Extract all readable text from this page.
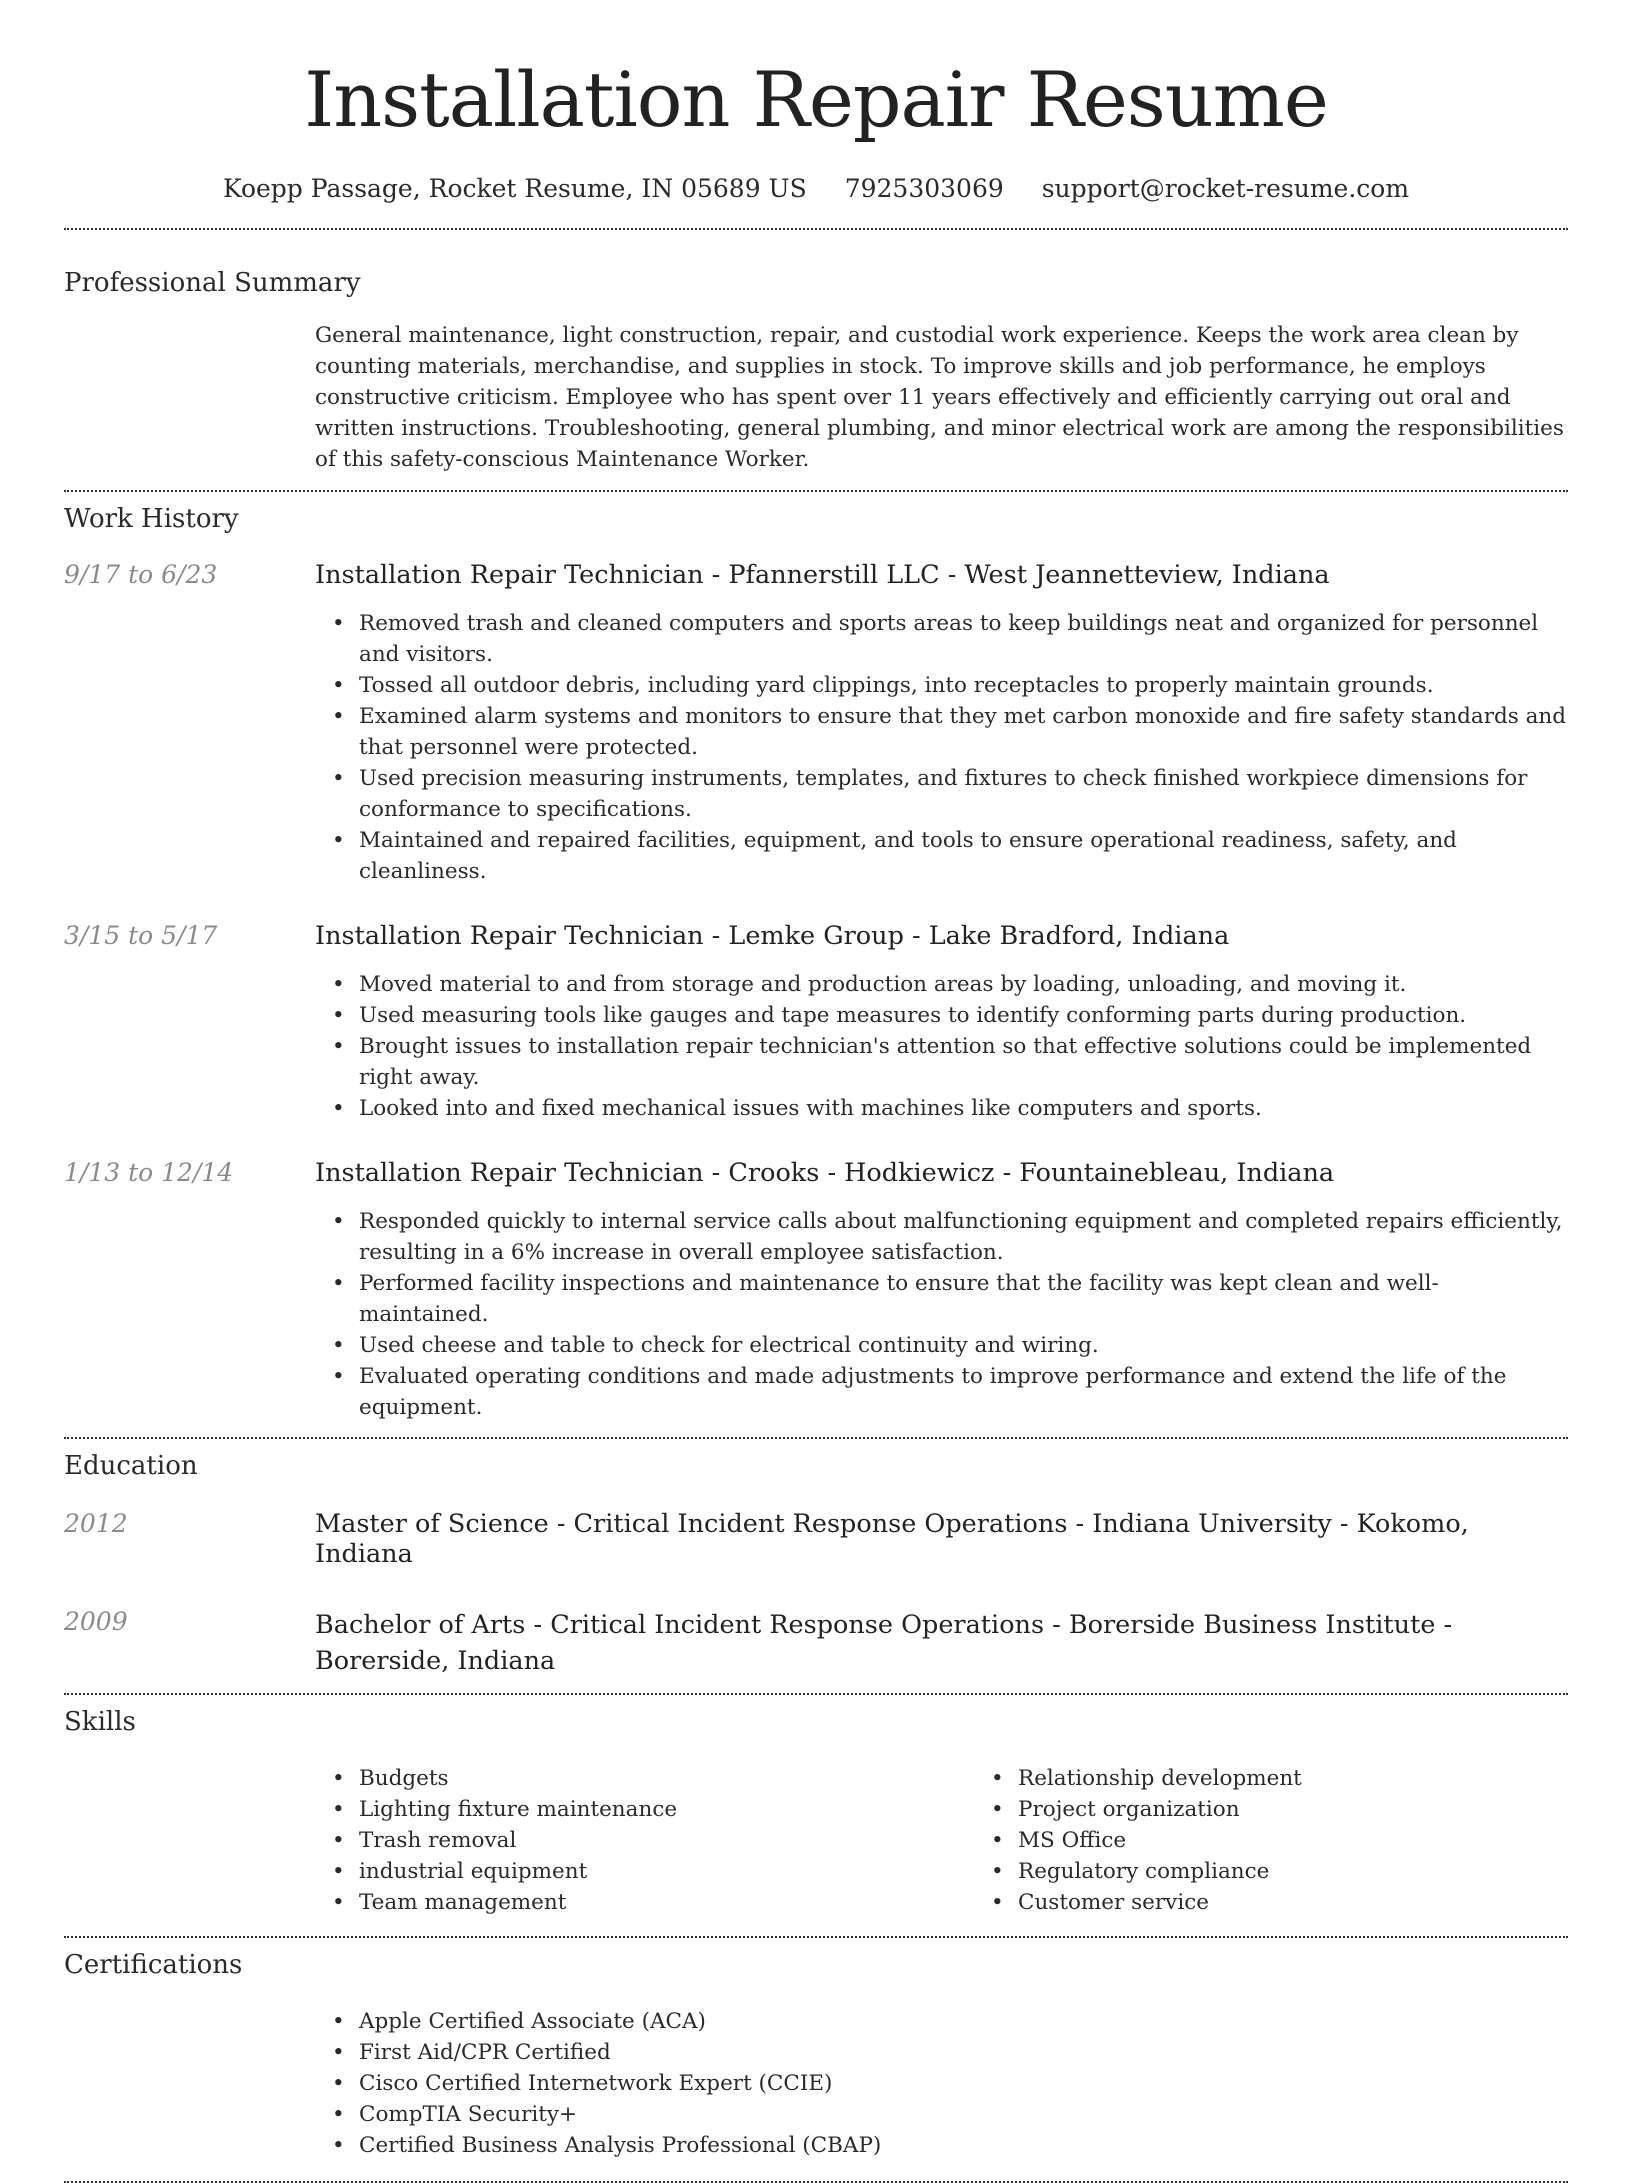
Installation Repair Resume
Koepp Passage, Rocket Resume, IN 05689 US 7925303069 support@rocket-resume.com
Professional Summary

General maintenance, light construction, repair, and custodial work experience. Keeps the work area clean by counting materials, merchandise, and supplies in stock. To improve skills and job performance, he employs constructive criticism. Employee who has spent over 11 years effectively and efficiently carrying out oral and written instructions. Troubleshooting, general plumbing, and minor electrical work are among the responsibilities of this safety-conscious Maintenance Worker.

Work History
9/17 to 6/23	Installation Repair Technician - Pfannerstill LLC - West Jeannetteview, Indiana
• Removed trash and cleaned computers and sports areas to keep buildings neat and organized for personnel and visitors.
• Tossed all outdoor debris, including yard clippings, into receptacles to properly maintain grounds.
• Examined alarm systems and monitors to ensure that they met carbon monoxide and fire safety standards and that personnel were protected.
• Used precision measuring instruments, templates, and fixtures to check finished workpiece dimensions for conformance to specifications.
• Maintained and repaired facilities, equipment, and tools to ensure operational readiness, safety, and cleanliness.
3/15 to 5/17	Installation Repair Technician - Lemke Group - Lake Bradford, Indiana
• Moved material to and from storage and production areas by loading, unloading, and moving it.
• Used measuring tools like gauges and tape measures to identify conforming parts during production.
• Brought issues to installation repair technician's attention so that effective solutions could be implemented right away.
• Looked into and fixed mechanical issues with machines like computers and sports.
1/13 to 12/14	Installation Repair Technician - Crooks - Hodkiewicz - Fountainebleau, Indiana
• Responded quickly to internal service calls about malfunctioning equipment and completed repairs efficiently, resulting in a 6% increase in overall employee satisfaction.
• Performed facility inspections and maintenance to ensure that the facility was kept clean and well-maintained.
• Used cheese and table to check for electrical continuity and wiring.
• Evaluated operating conditions and made adjustments to improve performance and extend the life of the equipment.
Education
2012	Master of Science - Critical Incident Response Operations - Indiana University - Kokomo, Indiana
2009	Bachelor of Arts - Critical Incident Response Operations - Borerside Business Institute - Borerside, Indiana
Skills
• Budgets
• Lighting fixture maintenance
• Trash removal
• industrial equipment
• Team management
• Relationship development
• Project organization
• MS Office
• Regulatory compliance
• Customer service
Certifications
• Apple Certified Associate (ACA)
• First Aid/CPR Certified
• Cisco Certified Internetwork Expert (CCIE)
• CompTIA Security+
• Certified Business Analysis Professional (CBAP)
